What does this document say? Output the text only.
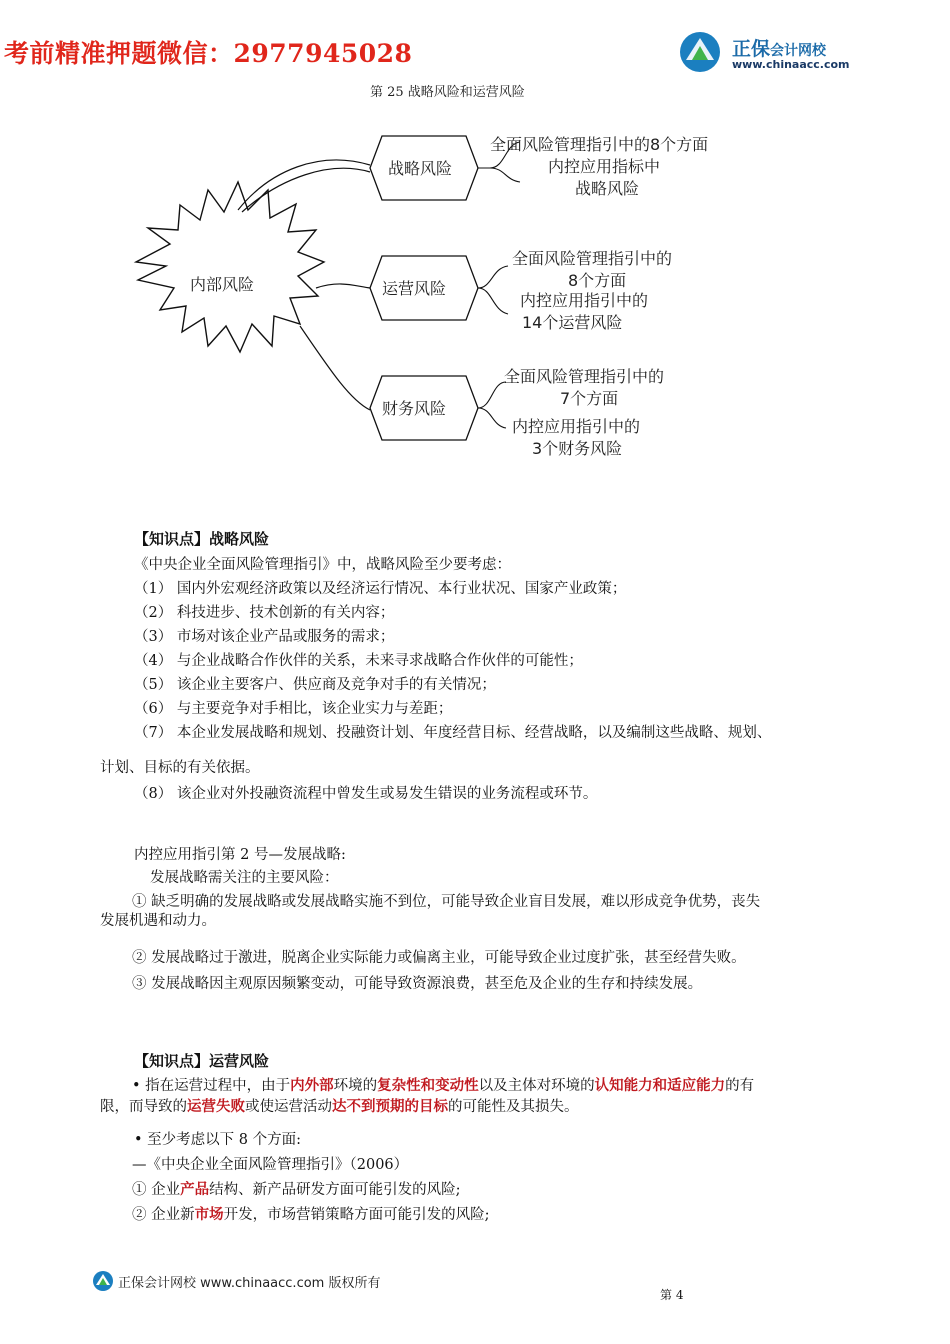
考前精准押题微信：2977945028	正保会计网校
www.chinaacc.com
第 25 战略风险和运营风险
内部风险
战略风险
全面风险管理指引中的8个方面
内控应用指标中
战略风险
运营风险
全面风险管理指引中的
8个方面
内控应用指引中的
14个运营风险
财务风险
全面风险管理指引中的
7个方面
内控应用指引中的
3个财务风险
【知识点】战略风险
《中央企业全面风险管理指引》中，战略风险至少要考虑：
（1） 国内外宏观经济政策以及经济运行情况、本行业状况、国家产业政策；
（2） 科技进步、技术创新的有关内容；
（3） 市场对该企业产品或服务的需求；
（4） 与企业战略合作伙伴的关系，未来寻求战略合作伙伴的可能性；
（5） 该企业主要客户、供应商及竞争对手的有关情况；
（6） 与主要竞争对手相比，该企业实力与差距；
（7） 本企业发展战略和规划、投融资计划、年度经营目标、经营战略，以及编制这些战略、规划、
计划、目标的有关依据。
（8） 该企业对外投融资流程中曾发生或易发生错误的业务流程或环节。
内控应用指引第 2 号—发展战略:
发展战略需关注的主要风险：
① 缺乏明确的发展战略或发展战略实施不到位，可能导致企业盲目发展，难以形成竞争优势，丧失
发展机遇和动力。
② 发展战略过于激进，脱离企业实际能力或偏离主业，可能导致企业过度扩张，甚至经营失败。
③ 发展战略因主观原因频繁变动，可能导致资源浪费，甚至危及企业的生存和持续发展。
【知识点】运营风险
• 指在运营过程中，由于内外部环境的复杂性和变动性以及主体对环境的认知能力和适应能力的有
限，而导致的运营失败或使运营活动达不到预期的目标的可能性及其损失。
• 至少考虑以下 8 个方面:
—《中央企业全面风险管理指引》（2006）
① 企业产品结构、新产品研发方面可能引发的风险;
② 企业新市场开发，市场营销策略方面可能引发的风险;
正保会计网校 www.chinaacc.com 版权所有
第 4
